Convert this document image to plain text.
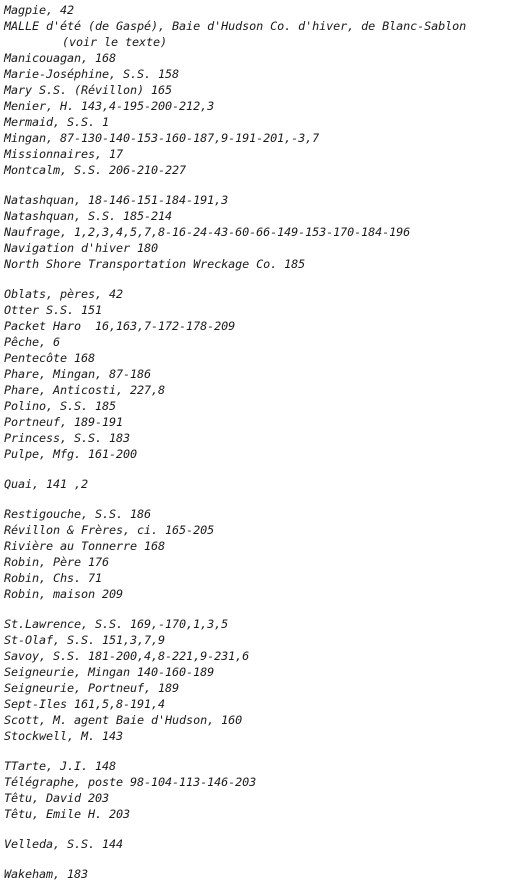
Magpie, 42
MALLE d'été (de Gaspé), Baie d'Hudson Co. d'hiver, de Blanc-Sablon
(voir le texte)
Manicouagan, 168
Marie-Joséphine, S.S. 158
Mary S.S. (Révillon) 165
Menier, H. 143,4-195-200-212,3
Mermaid, S.S. 1
Mingan, 87-130-140-153-160-187,9-191-201,-3,7
Missionnaires, 17
Montcalm, S.S. 206-210-227
Natashquan, 18-146-151-184-191,3
Natashquan, S.S. 185-214
Naufrage, 1,2,3,4,5,7,8-16-24-43-60-66-149-153-170-184-196
Navigation d'hiver 180
North Shore Transportation Wreckage Co. 185
Oblats, pères, 42
Otter S.S. 151
Packet Haro  16,163,7-172-178-209
Pêche, 6
Pentecôte 168
Phare, Mingan, 87-186
Phare, Anticosti, 227,8
Polino, S.S. 185
Portneuf, 189-191
Princess, S.S. 183
Pulpe, Mfg. 161-200
Quai, 141 ,2
Restigouche, S.S. 186
Révillon & Frères, ci. 165-205
Rivière au Tonnerre 168
Robin, Père 176
Robin, Chs. 71
Robin, maison 209
St.Lawrence, S.S. 169,-170,1,3,5
St-Olaf, S.S. 151,3,7,9
Savoy, S.S. 181-200,4,8-221,9-231,6
Seigneurie, Mingan 140-160-189
Seigneurie, Portneuf, 189
Sept-Iles 161,5,8-191,4
Scott, M. agent Baie d'Hudson, 160
Stockwell, M. 143
TTarte, J.I. 148
Télégraphe, poste 98-104-113-146-203
Têtu, David 203
Têtu, Emile H. 203
Velleda, S.S. 144
Wakeham, 183
